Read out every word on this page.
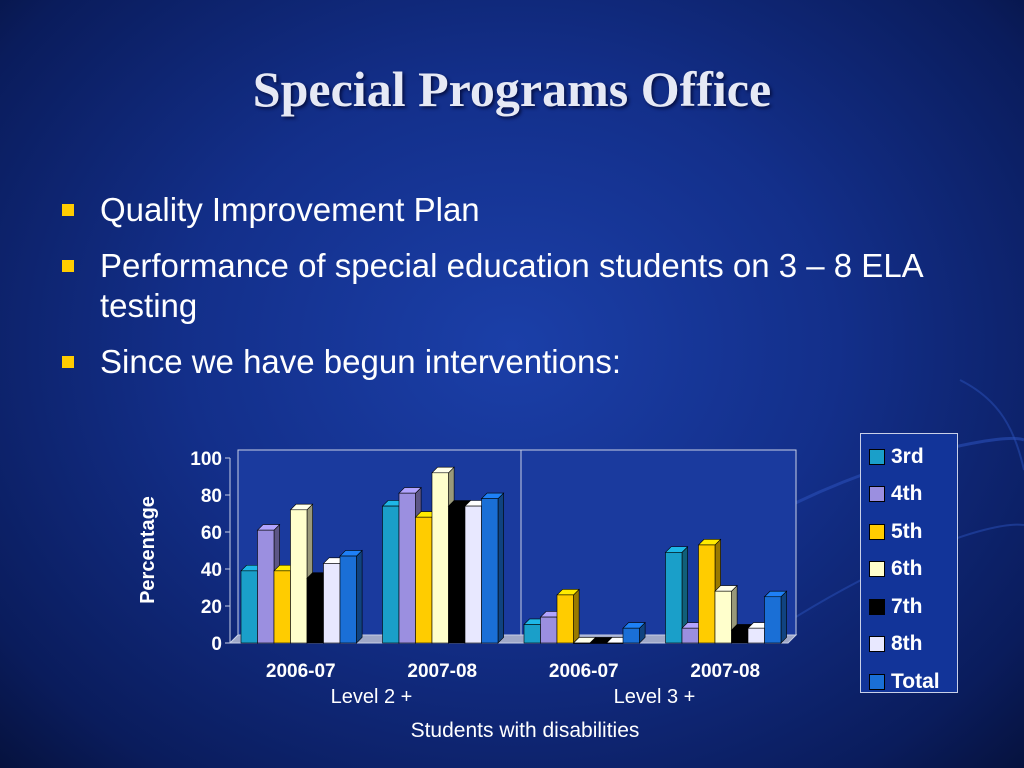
Special Programs Office
Quality Improvement Plan
Performance of special education students on 3 – 8 ELA testing
Since we have begun interventions:
0
20
40
60
80
100
2006-07	2007-08	2006-07	2007-08
Level 2 +	Level 3 +
Percentage
Students with disabilities
3rd
4th
5th
6th
7th
8th
Total
